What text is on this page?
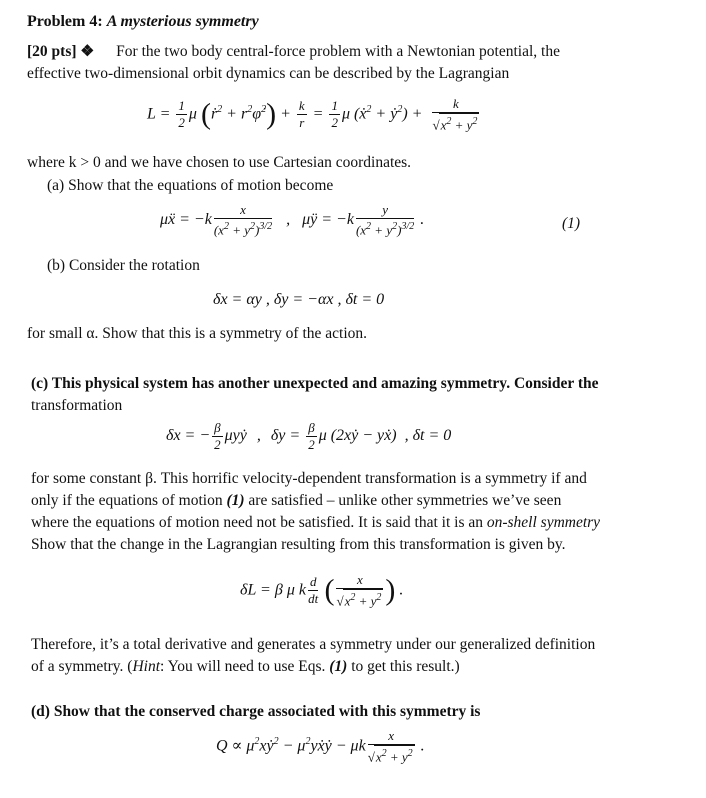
Problem 4: A mysterious symmetry
[20 pts] ❖ For the two body central-force problem with a Newtonian potential, the
effective two-dimensional orbit dynamics can be described by the Lagrangian
$L = \frac{1}{2}$ μ (ṙ$^2$ + $r^2\varphi̇^2) + \frac{k}{r} = \frac{1}{2}$ μ (ẋ$^2$ + ẏ$^2$) + $\frac{k}{√x^2 + y^2}$
where k > 0 and we have chosen to use Cartesian coordinates.
(a) Show that the equations of motion become
μẍ = $-k \frac{x}{(x^2 + y^2)^{3/2}}$ , μÿ = $-k \frac{y}{(x^2 + y^2)^{3/2}}$ .	(1)
(b) Consider the rotation
δx = αy , δy = −αx , δt = 0
for small α. Show that this is a symmetry of the action.
(c) This physical system has another unexpected and amazing symmetry. Consider the
transformation
δx = − $\frac{\beta}{2}$ μyẏ , $\delta y = \frac{\beta}{2}$ μ (2xẏ − yẋ) , δt = 0
for some constant β. This horrific velocity-dependent transformation is a symmetry if and
only if the equations of motion (1) are satisfied – unlike other symmetries we’ve seen
where the equations of motion need not be satisfied. It is said that it is an on-shell symmetry
Show that the change in the Lagrangian resulting from this transformation is given by.
δL = β μ k $\frac{d}{dt}$ ( $\frac{x}{√x^2 + y^2}$ ) .
Therefore, it’s a total derivative and generates a symmetry under our generalized definition
of a symmetry. (Hint: You will need to use Eqs. (1) to get this result.)
(d) Show that the conserved charge associated with this symmetry is
$Q \propto \mu^2xẏ^2$ − $\mu^2yẋẏ - \mu k \frac{x}{√x^2 + y^2}$ .
